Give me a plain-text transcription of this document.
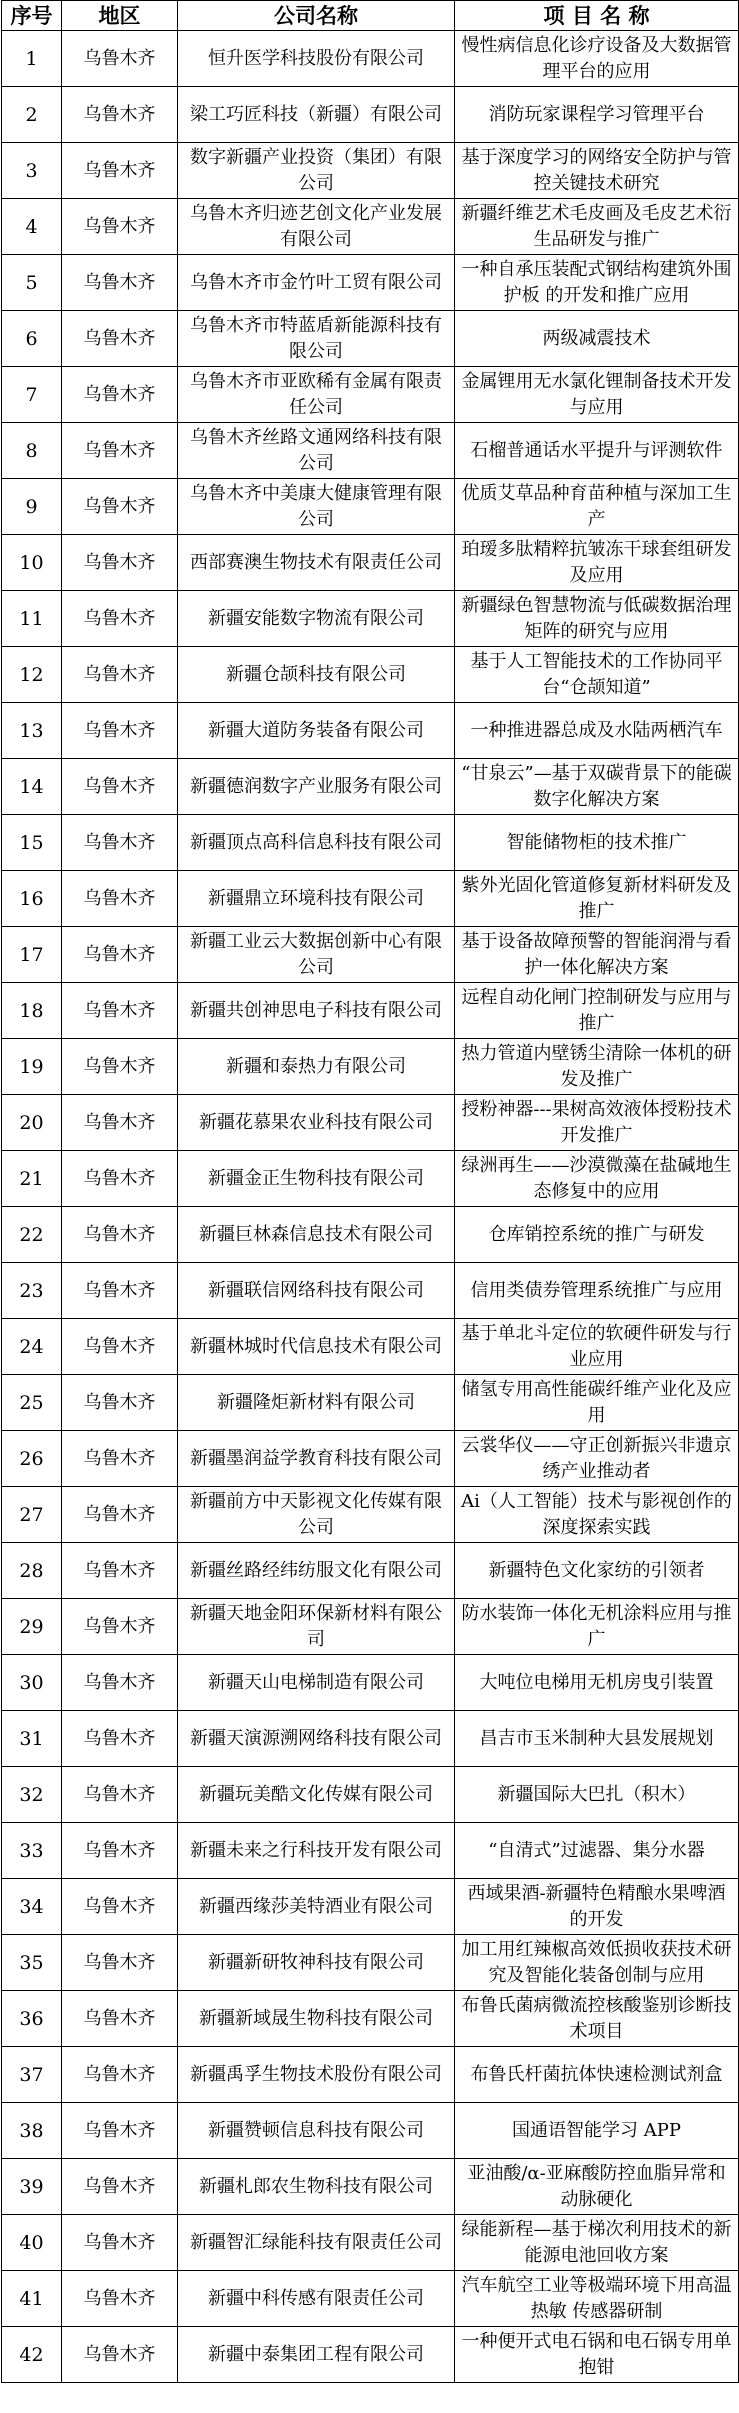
序号	地区	公司名称	项 目 名 称
1	乌鲁木齐	恒升医学科技股份有限公司	慢性病信息化诊疗设备及大数据管理平台的应用
2	乌鲁木齐	梁工巧匠科技（新疆）有限公司	消防玩家课程学习管理平台
3	乌鲁木齐	数字新疆产业投资（集团）有限公司	基于深度学习的网络安全防护与管控关键技术研究
4	乌鲁木齐	乌鲁木齐归迹艺创文化产业发展有限公司	新疆纤维艺术毛皮画及毛皮艺术衍生品研发与推广
5	乌鲁木齐	乌鲁木齐市金竹叶工贸有限公司	一种自承压装配式钢结构建筑外围护板 的开发和推广应用
6	乌鲁木齐	乌鲁木齐市特蓝盾新能源科技有限公司	两级减震技术
7	乌鲁木齐	乌鲁木齐市亚欧稀有金属有限责任公司	金属锂用无水氯化锂制备技术开发与应用
8	乌鲁木齐	乌鲁木齐丝路文通网络科技有限公司	石榴普通话水平提升与评测软件
9	乌鲁木齐	乌鲁木齐中美康大健康管理有限公司	优质艾草品种育苗种植与深加工生产
10	乌鲁木齐	西部赛澳生物技术有限责任公司	珀瑷多肽精粹抗皱冻干球套组研发及应用
11	乌鲁木齐	新疆安能数字物流有限公司	新疆绿色智慧物流与低碳数据治理矩阵的研究与应用
12	乌鲁木齐	新疆仓颉科技有限公司	基于人工智能技术的工作协同平台“仓颉知道”
13	乌鲁木齐	新疆大道防务装备有限公司	一种推进器总成及水陆两栖汽车
14	乌鲁木齐	新疆德润数字产业服务有限公司	“甘泉云”—基于双碳背景下的能碳数字化解决方案
15	乌鲁木齐	新疆顶点高科信息科技有限公司	智能储物柜的技术推广
16	乌鲁木齐	新疆鼎立环境科技有限公司	紫外光固化管道修复新材料研发及推广
17	乌鲁木齐	新疆工业云大数据创新中心有限公司	基于设备故障预警的智能润滑与看护一体化解决方案
18	乌鲁木齐	新疆共创神思电子科技有限公司	远程自动化闸门控制研发与应用与推广
19	乌鲁木齐	新疆和泰热力有限公司	热力管道内壁锈尘清除一体机的研发及推广
20	乌鲁木齐	新疆花慕果农业科技有限公司	授粉神器---果树高效液体授粉技术开发推广
21	乌鲁木齐	新疆金正生物科技有限公司	绿洲再生——沙漠微藻在盐碱地生态修复中的应用
22	乌鲁木齐	新疆巨林森信息技术有限公司	仓库销控系统的推广与研发
23	乌鲁木齐	新疆联信网络科技有限公司	信用类债券管理系统推广与应用
24	乌鲁木齐	新疆林城时代信息技术有限公司	基于单北斗定位的软硬件研发与行业应用
25	乌鲁木齐	新疆隆炬新材料有限公司	储氢专用高性能碳纤维产业化及应用
26	乌鲁木齐	新疆墨润益学教育科技有限公司	云裳华仪——守正创新振兴非遗京绣产业推动者
27	乌鲁木齐	新疆前方中天影视文化传媒有限公司	Ai（人工智能）技术与影视创作的深度探索实践
28	乌鲁木齐	新疆丝路经纬纺服文化有限公司	新疆特色文化家纺的引领者
29	乌鲁木齐	新疆天地金阳环保新材料有限公司	防水装饰一体化无机涂料应用与推广
30	乌鲁木齐	新疆天山电梯制造有限公司	大吨位电梯用无机房曳引装置
31	乌鲁木齐	新疆天演源溯网络科技有限公司	昌吉市玉米制种大县发展规划
32	乌鲁木齐	新疆玩美酷文化传媒有限公司	新疆国际大巴扎（积木）
33	乌鲁木齐	新疆未来之行科技开发有限公司	“自清式”过滤器、集分水器
34	乌鲁木齐	新疆西缘莎美特酒业有限公司	西域果酒-新疆特色精酿水果啤酒的开发
35	乌鲁木齐	新疆新研牧神科技有限公司	加工用红辣椒高效低损收获技术研究及智能化装备创制与应用
36	乌鲁木齐	新疆新域晟生物科技有限公司	布鲁氏菌病微流控核酸鉴别诊断技术项目
37	乌鲁木齐	新疆禹孚生物技术股份有限公司	布鲁氏杆菌抗体快速检测试剂盒
38	乌鲁木齐	新疆赞顿信息科技有限公司	国通语智能学习 APP
39	乌鲁木齐	新疆札郎农生物科技有限公司	亚油酸/α-亚麻酸防控血脂异常和动脉硬化
40	乌鲁木齐	新疆智汇绿能科技有限责任公司	绿能新程—基于梯次利用技术的新能源电池回收方案
41	乌鲁木齐	新疆中科传感有限责任公司	汽车航空工业等极端环境下用高温热敏 传感器研制
42	乌鲁木齐	新疆中泰集团工程有限公司	一种便开式电石锅和电石锅专用单抱钳
